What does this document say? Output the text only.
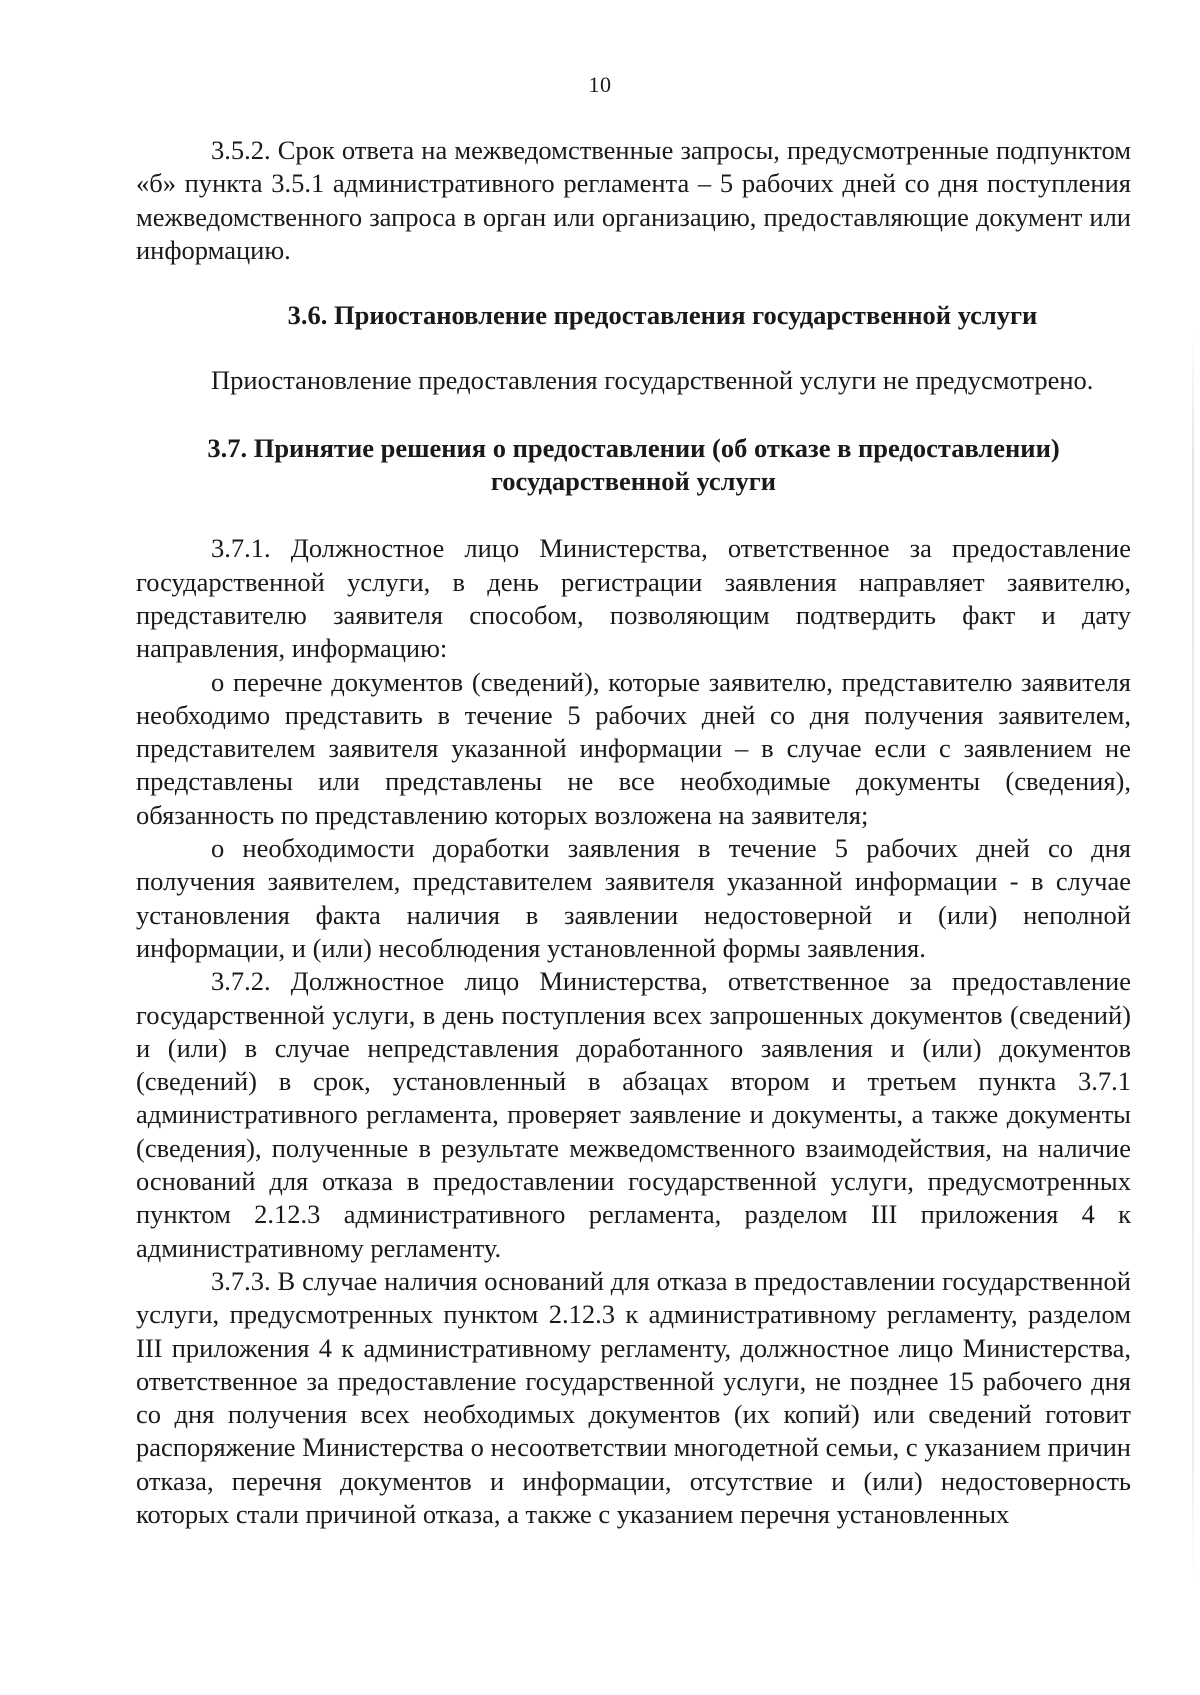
10

3.5.2. Срок ответа на межведомственные запросы, предусмотренные подпунктом «б» пункта 3.5.1 административного регламента – 5 рабочих дней со дня поступления межведомственного запроса в орган или организацию, предоставляющие документ или информацию.

3.6. Приостановление предоставления государственной услуги

Приостановление предоставления государственной услуги не предусмотрено.

3.7. Принятие решения о предоставлении (об отказе в предоставлении) государственной услуги

3.7.1. Должностное лицо Министерства, ответственное за предоставление государственной услуги, в день регистрации заявления направляет заявителю, представителю заявителя способом, позволяющим подтвердить факт и дату направления, информацию:

о перечне документов (сведений), которые заявителю, представителю заявителя необходимо представить в течение 5 рабочих дней со дня получения заявителем, представителем заявителя указанной информации – в случае если с заявлением не представлены или представлены не все необходимые документы (сведения), обязанность по представлению которых возложена на заявителя;

о необходимости доработки заявления в течение 5 рабочих дней со дня получения заявителем, представителем заявителя указанной информации - в случае установления факта наличия в заявлении недостоверной и (или) неполной информации, и (или) несоблюдения установленной формы заявления.

3.7.2. Должностное лицо Министерства, ответственное за предоставление государственной услуги, в день поступления всех запрошенных документов (сведений) и (или) в случае непредставления доработанного заявления и (или) документов (сведений) в срок, установленный в абзацах втором и третьем пункта 3.7.1 административного регламента, проверяет заявление и документы, а также документы (сведения), полученные в результате межведомственного взаимодействия, на наличие оснований для отказа в предоставлении государственной услуги, предусмотренных пунктом 2.12.3 административного регламента, разделом III приложения 4 к административному регламенту.

3.7.3. В случае наличия оснований для отказа в предоставлении государственной услуги, предусмотренных пунктом 2.12.3 к административному регламенту, разделом III приложения 4 к административному регламенту, должностное лицо Министерства, ответственное за предоставление государственной услуги, не позднее 15 рабочего дня со дня получения всех необходимых документов (их копий) или сведений готовит распоряжение Министерства о несоответствии многодетной семьи, с указанием причин отказа, перечня документов и информации, отсутствие и (или) недостоверность которых стали причиной отказа, а также с указанием перечня установленных
